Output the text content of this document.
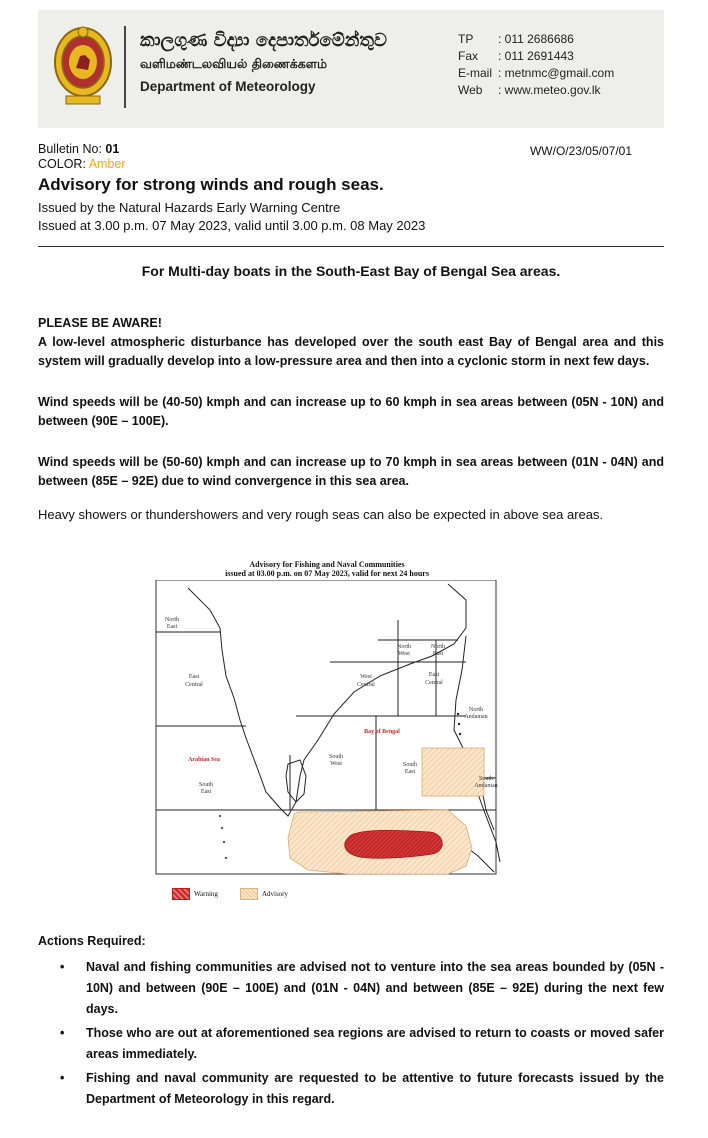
කාලගුණ විද්‍යා දෙපාර්තමේන්තුව
வளிமண்டலவியல் திணைக்களம்
Department of Meteorology
TP	: 011 2686686
Fax	: 011 2691443
E-mail : metnmc@gmail.com
Web	: www.meteo.gov.lk
Bulletin No: 01	WW/O/23/05/07/01
COLOR: Amber
Advisory for strong winds and rough seas.
Issued by the Natural Hazards Early Warning Centre
Issued at 3.00 p.m. 07 May 2023, valid until 3.00 p.m. 08 May 2023
For Multi-day boats in the South-East Bay of Bengal Sea areas.

PLEASE BE AWARE!
A low-level atmospheric disturbance has developed over the south east Bay of Bengal area and this system will gradually develop into a low-pressure area and then into a cyclonic storm in next few days.

Wind speeds will be (40-50) kmph and can increase up to 60 kmph in sea areas between (05N - 10N) and between (90E – 100E).

Wind speeds will be (50-60) kmph and can increase up to 70 kmph in sea areas between (01N - 04N) and between (85E – 92E) due to wind convergence in this sea area.

Heavy showers or thundershowers and very rough seas can also be expected in above sea areas.

Advisory for Fishing and Naval Communities
issued at 03.00 p.m. on 07 May 2023, valid for next 24 hours
North
East
East
Central
Arabian Sea
South
East
North
West
North
East
West
Central
East
Central
Bay of Bengal
South
West	South
East
North
Andaman
South
Andaman
Warning	Advisory
Actions Required:
• Naval and fishing communities are advised not to venture into the sea areas bounded by (05N - 10N) and between (90E – 100E) and (01N - 04N) and between (85E – 92E) during the next few days.
• Those who are out at aforementioned sea regions are advised to return to coasts or moved safer areas immediately.
• Fishing and naval community are requested to be attentive to future forecasts issued by the Department of Meteorology in this regard.
